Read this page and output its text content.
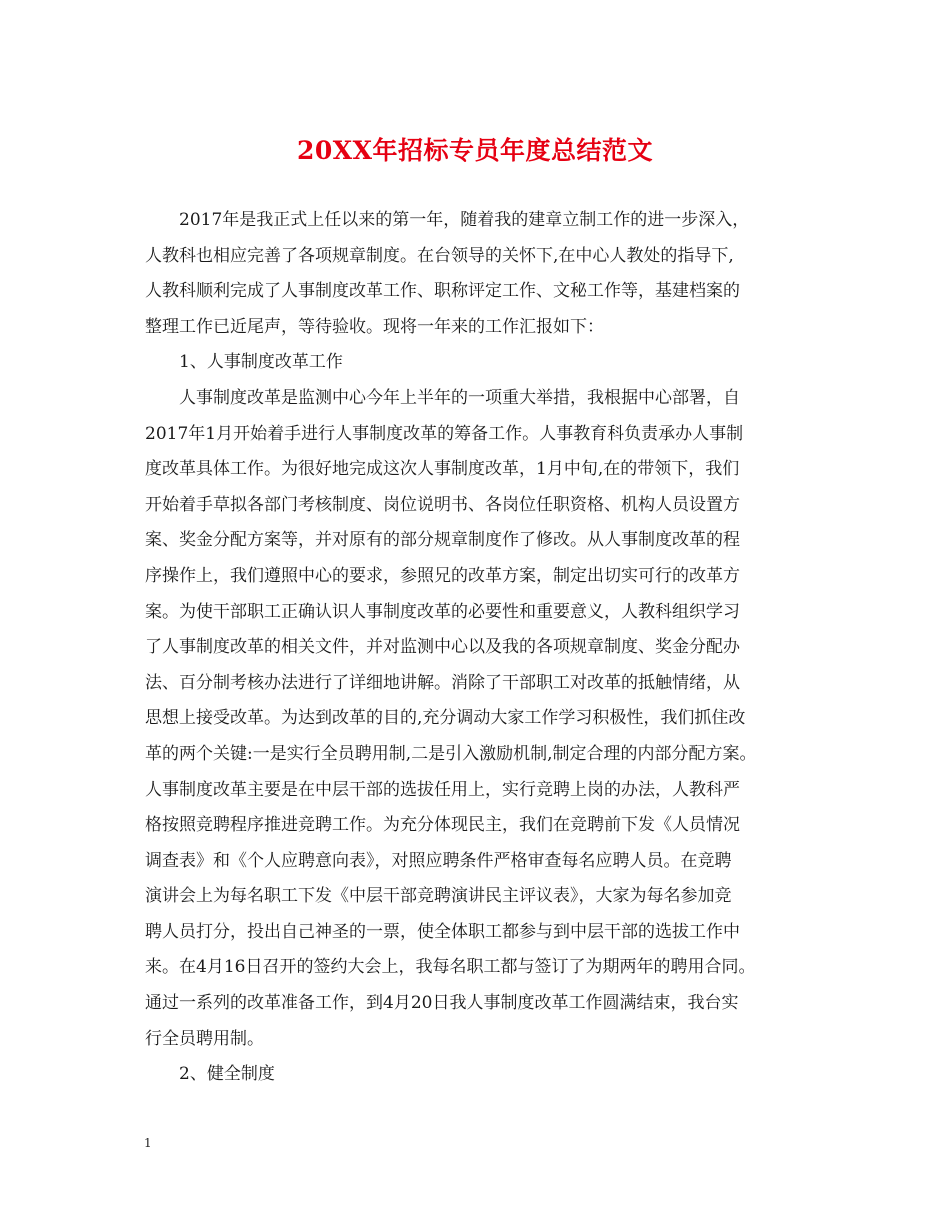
20XX年招标专员年度总结范文
　　2017年是我正式上任以来的第一年，随着我的建章立制工作的进一步深入，
人教科也相应完善了各项规章制度。在台领导的关怀下,在中心人教处的指导下,
人教科顺利完成了人事制度改革工作、职称评定工作、文秘工作等，基建档案的
整理工作已近尾声，等待验收。现将一年来的工作汇报如下：
　　1、人事制度改革工作
　　人事制度改革是监测中心今年上半年的一项重大举措，我根据中心部署，自
2017年1月开始着手进行人事制度改革的筹备工作。人事教育科负责承办人事制
度改革具体工作。为很好地完成这次人事制度改革，1月中旬,在的带领下，我们
开始着手草拟各部门考核制度、岗位说明书、各岗位任职资格、机构人员设置方
案、奖金分配方案等，并对原有的部分规章制度作了修改。从人事制度改革的程
序操作上，我们遵照中心的要求，参照兄的改革方案，制定出切实可行的改革方
案。为使干部职工正确认识人事制度改革的必要性和重要意义，人教科组织学习
了人事制度改革的相关文件，并对监测中心以及我的各项规章制度、奖金分配办
法、百分制考核办法进行了详细地讲解。消除了干部职工对改革的抵触情绪，从
思想上接受改革。为达到改革的目的,充分调动大家工作学习积极性，我们抓住改
革的两个关键:一是实行全员聘用制,二是引入激励机制,制定合理的内部分配方案。
人事制度改革主要是在中层干部的选拔任用上，实行竞聘上岗的办法，人教科严
格按照竞聘程序推进竞聘工作。为充分体现民主，我们在竞聘前下发《人员情况
调查表》和《个人应聘意向表》，对照应聘条件严格审查每名应聘人员。在竞聘
演讲会上为每名职工下发《中层干部竞聘演讲民主评议表》，大家为每名参加竞
聘人员打分，投出自己神圣的一票，使全体职工都参与到中层干部的选拔工作中
来。在4月16日召开的签约大会上，我每名职工都与签订了为期两年的聘用合同。
通过一系列的改革准备工作，到4月20日我人事制度改革工作圆满结束，我台实
行全员聘用制。
　　2、健全制度
1
